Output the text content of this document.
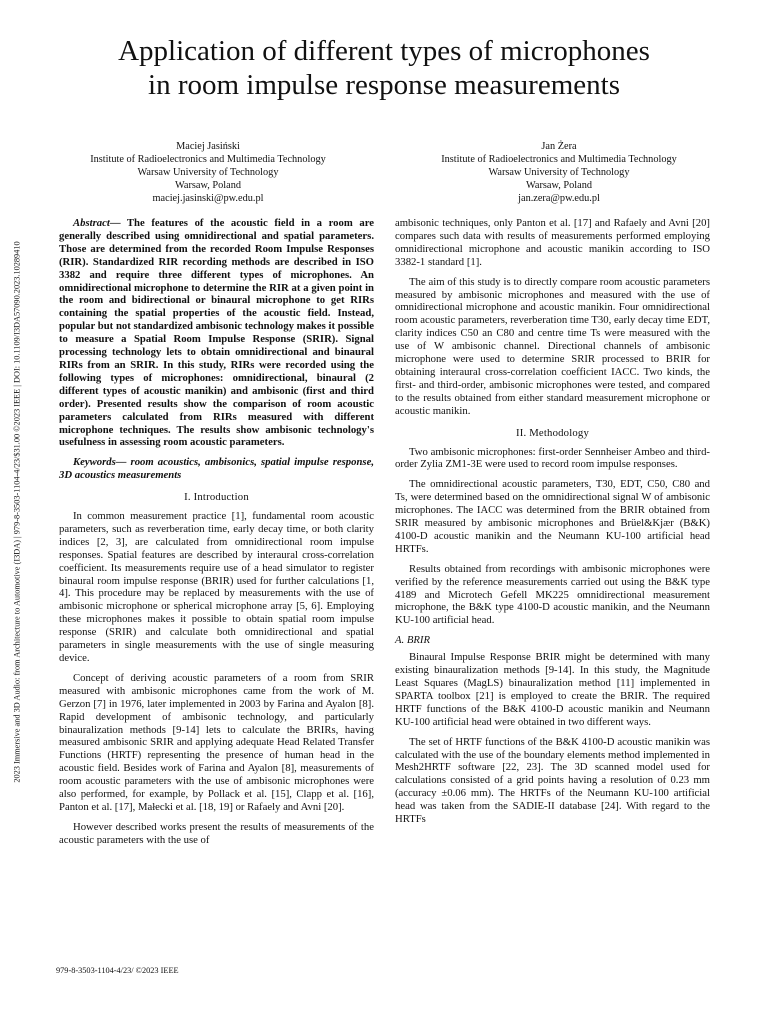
Application of different types of microphones
in room impulse response measurements
2023 Immersive and 3D Audio: from Architecture to Automotive (I3DA) | 979-8-3503-1104-4/23/$31.00 ©2023 IEEE | DOI: 10.1109/I3DA57090.2023.10289410
Maciej Jasiński
Institute of Radioelectronics and Multimedia Technology
Warsaw University of Technology
Warsaw, Poland
maciej.jasinski@pw.edu.pl
Jan Żera
Institute of Radioelectronics and Multimedia Technology
Warsaw University of Technology
Warsaw, Poland
jan.zera@pw.edu.pl

Abstract— The features of the acoustic field in a room are generally described using omnidirectional and spatial parameters. Those are determined from the recorded Room Impulse Responses (RIR). Standardized RIR recording methods are described in ISO 3382 and require three different types of microphones. An omnidirectional microphone to determine the RIR at a given point in the room and bidirectional or binaural microphone to get RIRs containing the spatial properties of the acoustic field. Instead, popular but not standardized ambisonic technology makes it possible to measure a Spatial Room Impulse Response (SRIR). Signal processing technology lets to obtain omnidirectional and binaural RIRs from an SRIR. In this study, RIRs were recorded using the following types of microphones: omnidirectional, binaural (2 different types of acoustic manikin) and ambisonic (first and third order). Presented results show the comparison of room acoustic parameters calculated from RIRs measured with different microphone techniques. The results show ambisonic technology's usefulness in assessing room acoustic parameters.

Keywords— room acoustics, ambisonics, spatial impulse response, 3D acoustics measurements

I. Introduction

In common measurement practice [1], fundamental room acoustic parameters, such as reverberation time, early decay time, or both clarity indices [2, 3], are calculated from omnidirectional room impulse responses. Spatial features are described by interaural cross-correlation coefficient. Its measurements require use of a head simulator to register binaural room impulse response (BRIR) used for further calculations [1, 4]. This procedure may be replaced by measurements with the use of ambisonic microphone or spherical microphone array [5, 6]. Employing these microphones makes it possible to obtain spatial room impulse response (SRIR) and calculate both omnidirectional and spatial parameters in single measurements with the use of single measuring device.

Concept of deriving acoustic parameters of a room from SRIR measured with ambisonic microphones came from the work of M. Gerzon [7] in 1976, later implemented in 2003 by Farina and Ayalon [8]. Rapid development of ambisonic technology, and particularly binauralization methods [9-14] lets to calculate the BRIRs, having measured ambisonic SRIR and applying adequate Head Related Transfer Functions (HRTF) representing the presence of human head in the acoustic field. Besides work of Farina and Ayalon [8], measurements of room acoustic parameters with the use of ambisonic microphones were also performed, for example, by Pollack et al. [15], Clapp et al. [16], Panton et al. [17], Małecki et al. [18, 19] or Rafaely and Avni [20].

However described works present the results of measurements of the acoustic parameters with the use of

ambisonic techniques, only Panton et al. [17] and Rafaely and Avni [20] compares such data with results of measurements performed employing omnidirectional microphone and acoustic manikin according to ISO 3382-1 standard [1].

The aim of this study is to directly compare room acoustic parameters measured by ambisonic microphones and measured with the use of omnidirectional microphone and acoustic manikin. Four omnidirectional room acoustic parameters, reverberation time T30, early decay time EDT, clarity indices C50 an C80 and centre time Ts were measured with the use of W ambisonic channel. Directional channels of ambisonic microphone were used to determine SRIR processed to BRIR for obtaining interaural cross-correlation coefficient IACC. Two kinds, the first- and third-order, ambisonic microphones were tested, and compared to the results obtained from either standard measurement microphone or acoustic manikin.

II. Methodology

Two ambisonic microphones: first-order Sennheiser Ambeo and third-order Zylia ZM1-3E were used to record room impulse responses.

The omnidirectional acoustic parameters, T30, EDT, C50, C80 and Ts, were determined based on the omnidirectional signal W of ambisonic microphones. The IACC was determined from the BRIR obtained from SRIR measured by ambisonic microphones and Brüel&Kjær (B&K) 4100-D acoustic manikin and the Neumann KU-100 artificial head HRTFs.

Results obtained from recordings with ambisonic microphones were verified by the reference measurements carried out using the B&K type 4189 and Microtech Gefell MK225 omnidirectional measurement microphone, the B&K type 4100-D acoustic manikin, and the Neumann KU-100 artificial head.

A. BRIR

Binaural Impulse Response BRIR might be determined with many existing binauralization methods [9-14]. In this study, the Magnitude Least Squares (MagLS) binauralization method [11] implemented in SPARTA toolbox [21] is employed to create the BRIR. The required HRTF functions of the B&K 4100-D acoustic manikin and Neumann KU-100 artificial head were obtained in two different ways.

The set of HRTF functions of the B&K 4100-D acoustic manikin was calculated with the use of the boundary elements method implemented in Mesh2HRTF software [22, 23]. The 3D scanned model used for calculations consisted of a grid points having a resolution of 0.23 mm (accuracy ±0.06 mm). The HRTFs of the Neumann KU-100 artificial head was taken from the SADIE-II database [24]. With regard to the HRTFs

979-8-3503-1104-4/23/ ©2023 IEEE
